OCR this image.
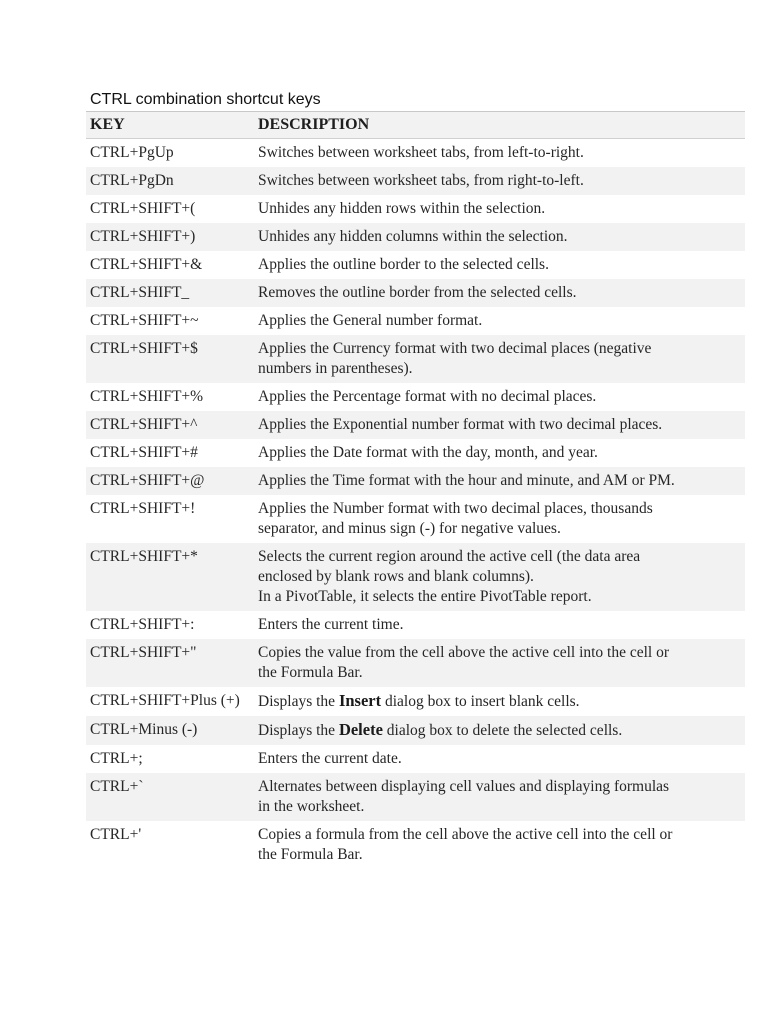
CTRL combination shortcut keys
KEY	DESCRIPTION
CTRL+PgUp	Switches between worksheet tabs, from left-to-right.

CTRL+PgDn	Switches between worksheet tabs, from right-to-left.

CTRL+SHIFT+(	Unhides any hidden rows within the selection.

CTRL+SHIFT+)	Unhides any hidden columns within the selection.

CTRL+SHIFT+&	Applies the outline border to the selected cells.

CTRL+SHIFT_	Removes the outline border from the selected cells.

CTRL+SHIFT+~	Applies the General number format.

CTRL+SHIFT+$	Applies the Currency format with two decimal places (negative
numbers in parentheses).

CTRL+SHIFT+%	Applies the Percentage format with no decimal places.

CTRL+SHIFT+^	Applies the Exponential number format with two decimal places.

CTRL+SHIFT+#	Applies the Date format with the day, month, and year.

CTRL+SHIFT+@	Applies the Time format with the hour and minute, and AM or PM.

CTRL+SHIFT+!	Applies the Number format with two decimal places, thousands
separator, and minus sign (-) for negative values.

CTRL+SHIFT+*	Selects the current region around the active cell (the data area
enclosed by blank rows and blank columns).
In a PivotTable, it selects the entire PivotTable report.

CTRL+SHIFT+:	Enters the current time.

CTRL+SHIFT+"	Copies the value from the cell above the active cell into the cell or
the Formula Bar.

CTRL+SHIFT+Plus (+)	Displays the Insert dialog box to insert blank cells.
CTRL+Minus (-)	Displays the Delete dialog box to delete the selected cells.
CTRL+;	Enters the current date.

CTRL+`	Alternates between displaying cell values and displaying formulas
in the worksheet.

CTRL+'	Copies a formula from the cell above the active cell into the cell or
the Formula Bar.
